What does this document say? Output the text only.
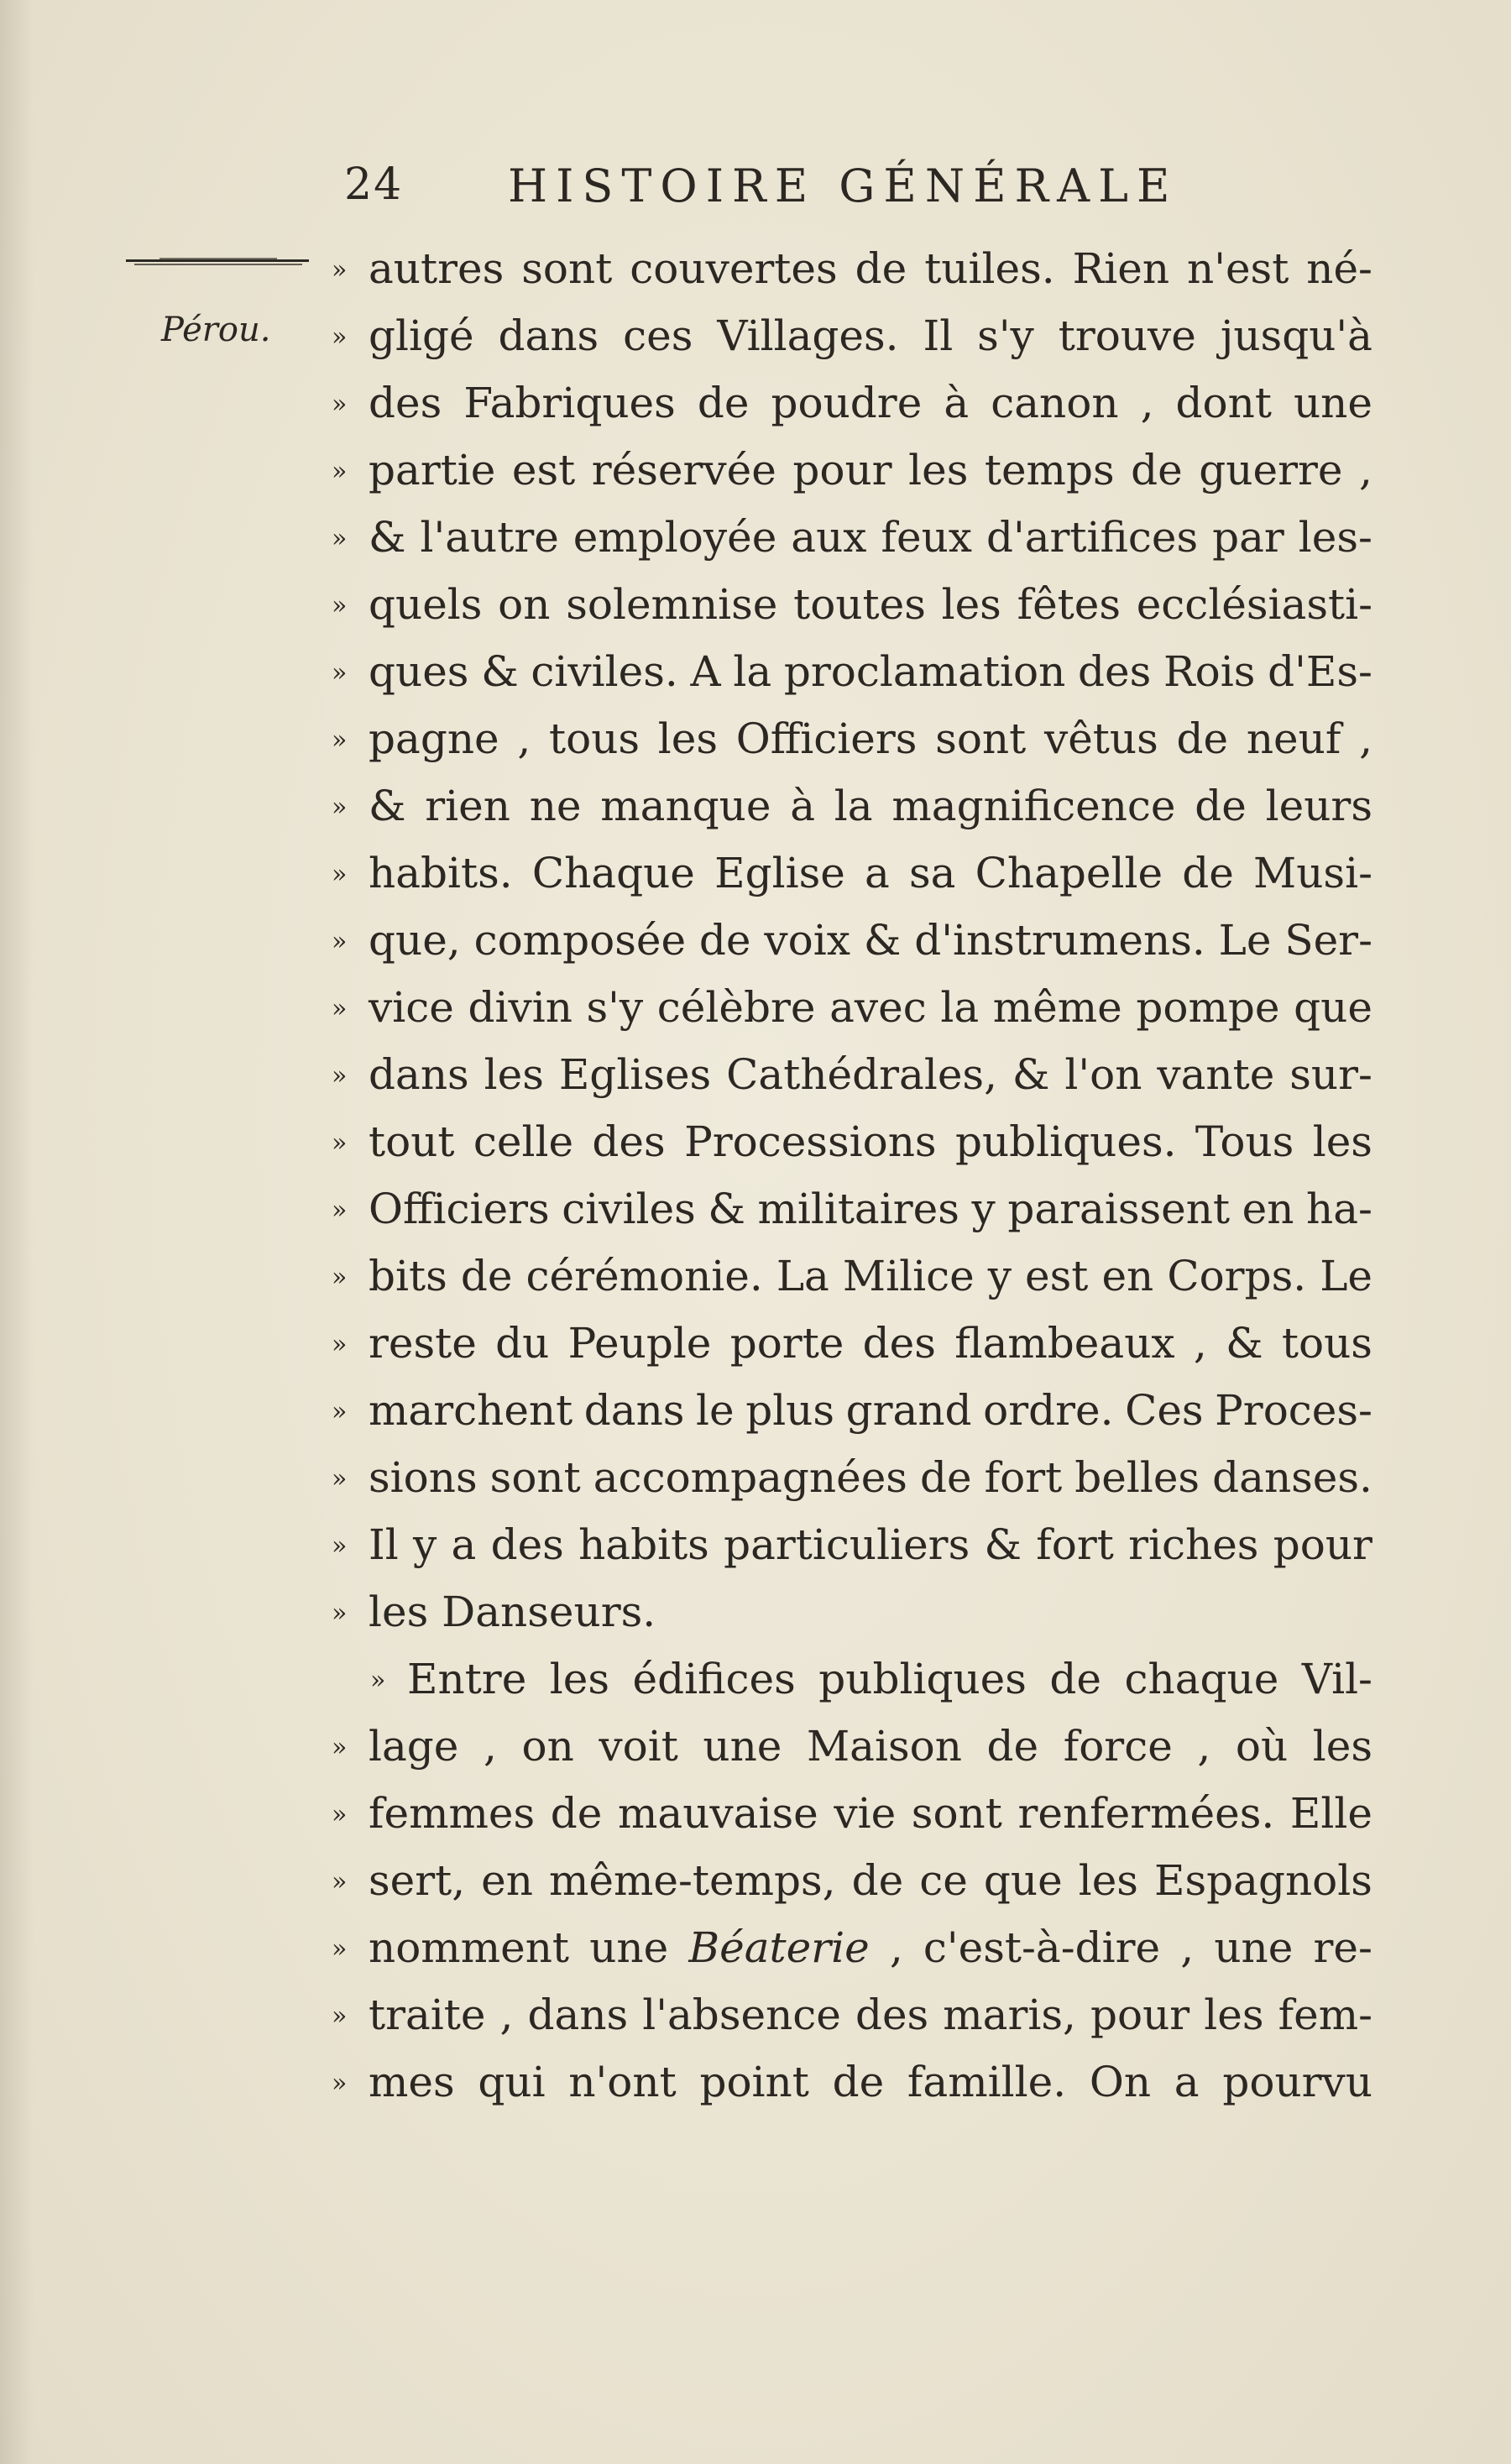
24 HISTOIRE GÉNÉRALE
Pérou.
» autres sont couvertes de tuiles. Rien n'est né-
» gligé dans ces Villages. Il s'y trouve jusqu'à
» des Fabriques de poudre à canon , dont une
» partie est réservée pour les temps de guerre ,
» & l'autre employée aux feux d'artifices par les-
» quels on solemnise toutes les fêtes ecclésiasti-
» ques & civiles. A la proclamation des Rois d'Es-
» pagne , tous les Officiers sont vêtus de neuf ,
» & rien ne manque à la magnificence de leurs
» habits. Chaque Eglise a sa Chapelle de Musi-
» que, composée de voix & d'instrumens. Le Ser-
» vice divin s'y célèbre avec la même pompe que
» dans les Eglises Cathédrales, & l'on vante sur-
» tout celle des Processions publiques. Tous les
» Officiers civiles & militaires y paraissent en ha-
» bits de cérémonie. La Milice y est en Corps. Le
» reste du Peuple porte des flambeaux , & tous
» marchent dans le plus grand ordre. Ces Proces-
» sions sont accompagnées de fort belles danses.
» Il y a des habits particuliers & fort riches pour
» les
Danseurs.
» Entre les édifices publiques de chaque Vil-
» lage , on voit une Maison de force , où les
» femmes de mauvaise vie sont renfermées. Elle
» sert, en même-temps, de ce que les Espagnols
» nomment une Béaterie , c'est-à-dire , une re-
» traite , dans l'absence des maris, pour les fem-
» mes qui n'ont point de famille. On a pourvu
